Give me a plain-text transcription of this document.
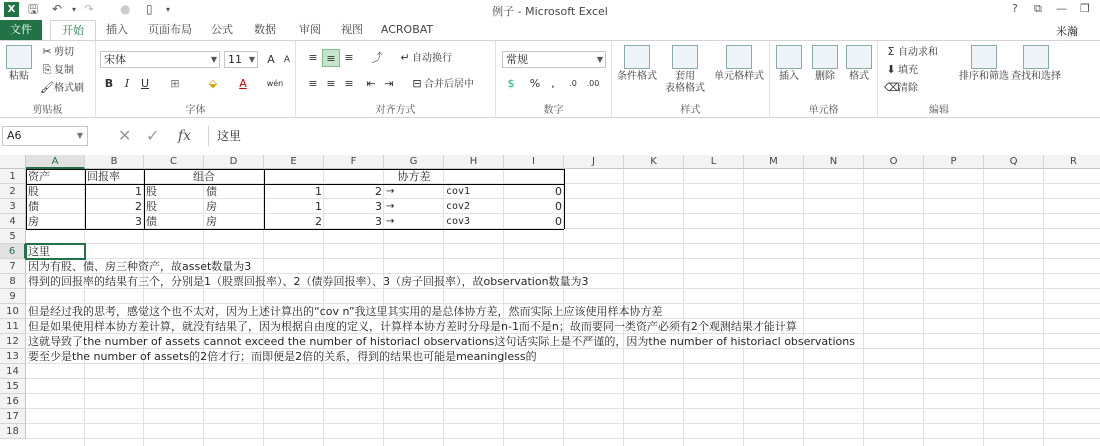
X	🖫 ↶ ▾ ↷ ● ▯ ▾	例子 - Microsoft Excel	? ⧉ — ❐
文件	开始	插入	页面布局	公式	数据	审阅	视图	ACROBAT	米瀚
粘贴
✂ 剪切
⎘ 复制
🖌格式刷
剪贴板
宋体	▼	11 ▼	A	A
B	I	U	⊞	⬙	A	wén
字体
≡ ≡ ≡	⤴	↵ 自动换行
≡ ≡ ≡	⇤ ⇥	⊟ 合并后居中
对齐方式
常规	▼
$	%	,	.0	.00
数字
条件格式	套用
表格格式
单元格样式
样式
插入	删除	格式
单元格
Σ 自动求和
⬇ 填充
⌫清除
排序和筛选 查找和选择
编辑
A6	▼ ✕ ✓ fx	这里
A	B	C	D	E	F	G	H	I	J	K	L	M	N	O	P	Q	R
1
2
3
4
5
6
7
8
9
10
11
12
13
14
15
16
17
18
资产	回报率	组合	协方差
股	1 股	债	1	2 →	cov1	0
债	2 股	房	1	3 →	cov2	0
房	3 债	房	2	3 →	cov3	0
这里
因为有股、债、房三种资产，故asset数量为3
得到的回报率的结果有三个，分别是1（股票回报率）、2（债券回报率）、3（房子回报率），故observation数量为3
但是经过我的思考，感觉这个也不太对，因为上述计算出的“cov n”我这里其实用的是总体协方差，然而实际上应该使用样本协方差
但是如果使用样本协方差计算，就没有结果了，因为根据自由度的定义，计算样本协方差时分母是n-1而不是n；故而要同一类资产必须有2个观测结果才能计算
这就导致了the number of assets cannot exceed the number of historiacl observations这句话实际上是不严谨的，因为the number of historiacl observations
要至少是the number of assets的2倍才行；而即便是2倍的关系，得到的结果也可能是meaningless的
